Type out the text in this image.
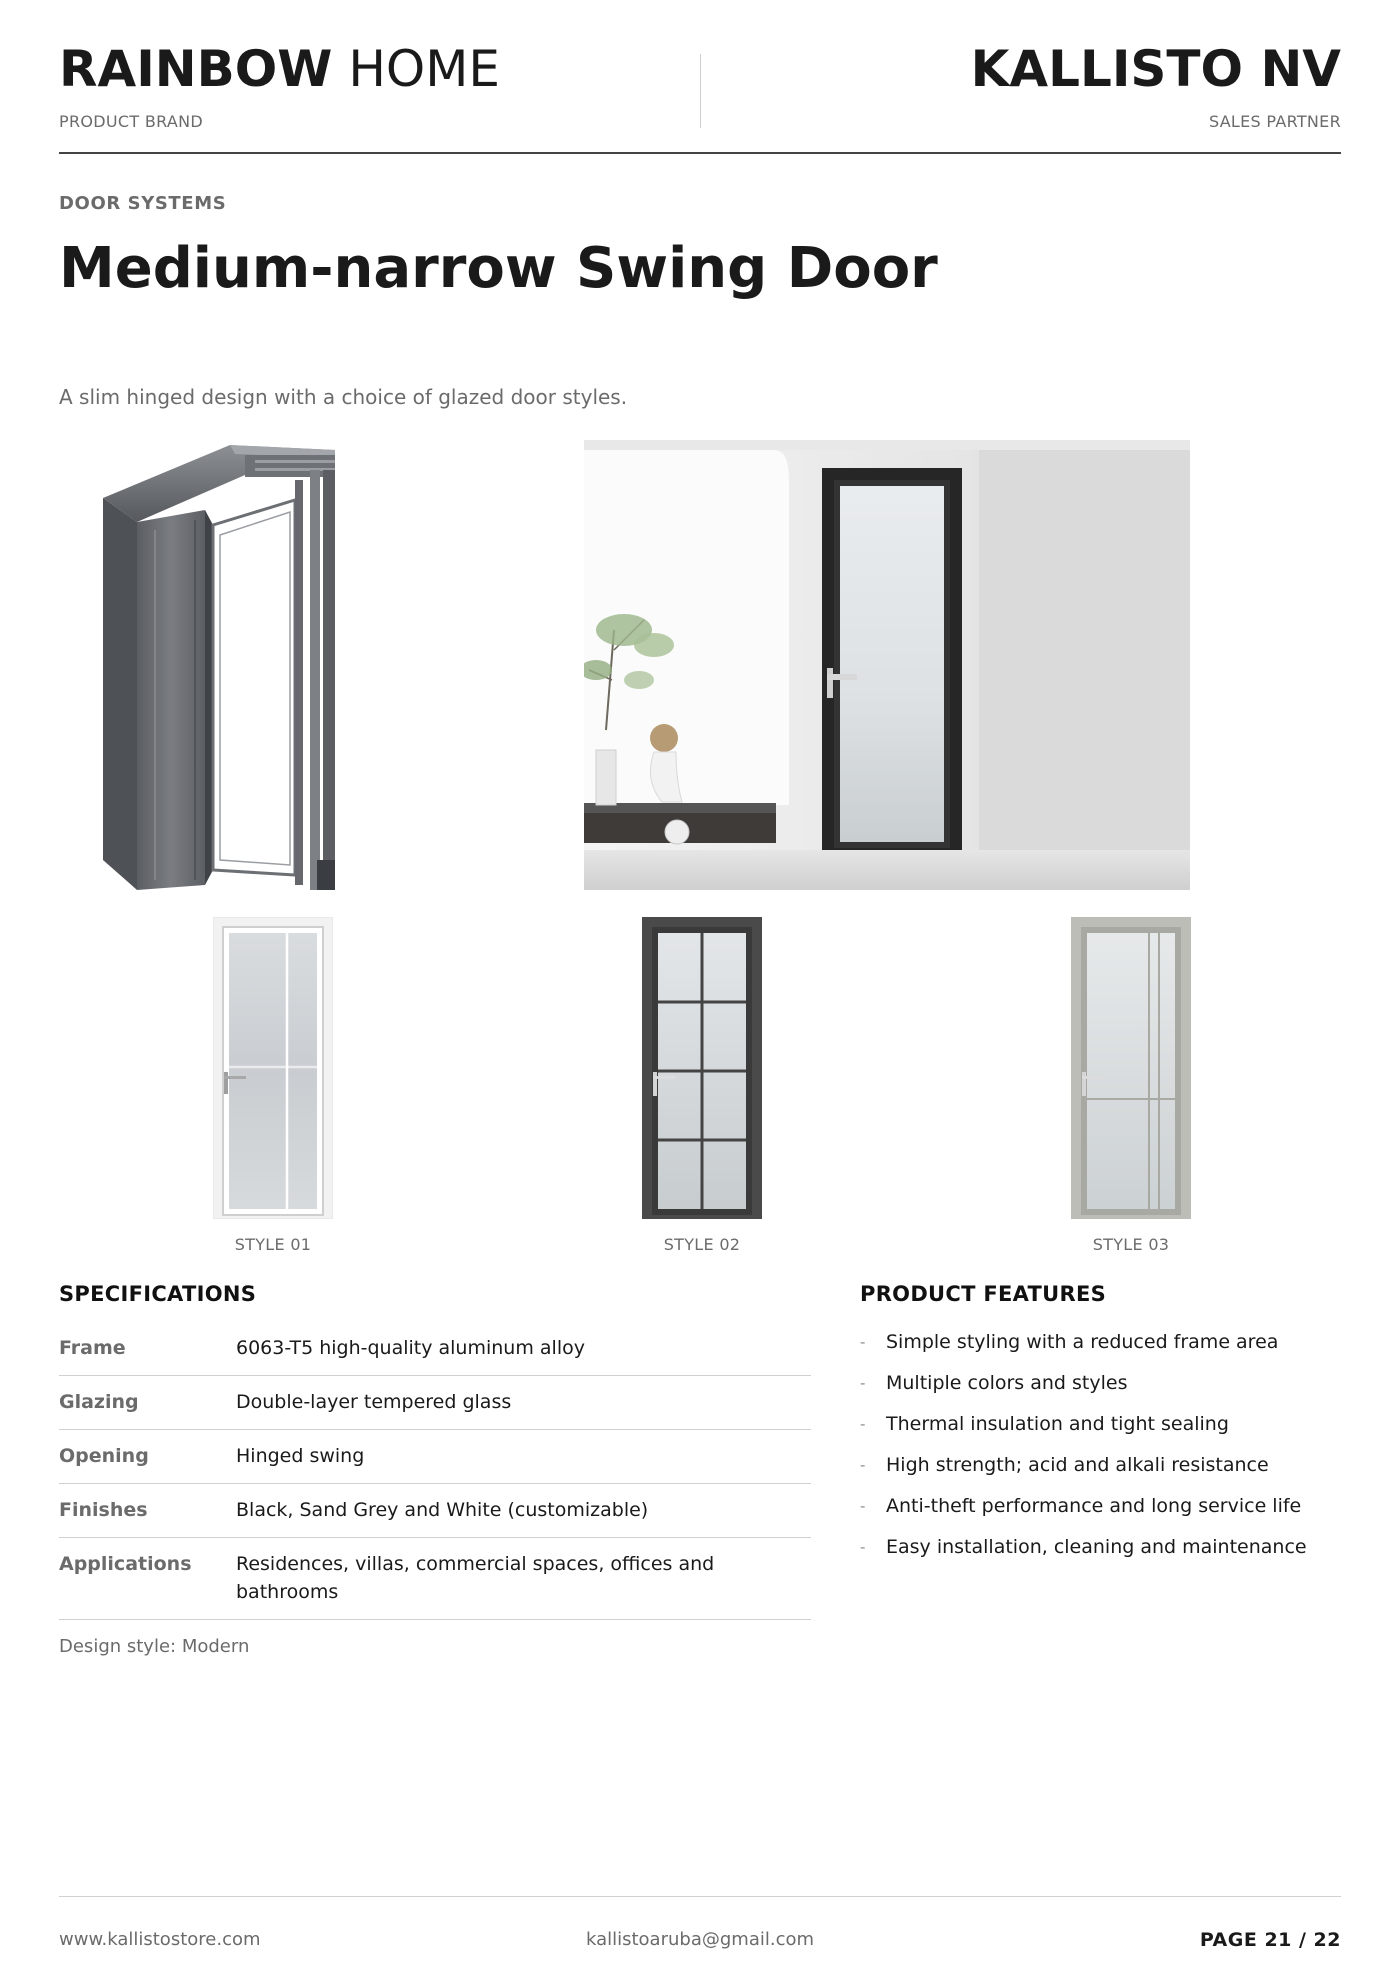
RAINBOW HOME
PRODUCT BRAND
KALLISTO NV
SALES PARTNER
DOOR SYSTEMS
Medium-narrow Swing Door
A slim hinged design with a choice of glazed door styles.
STYLE 01	STYLE 02	STYLE 03
SPECIFICATIONS
Frame	6063-T5 high-quality aluminum alloy
Glazing	Double-layer tempered glass
Opening	Hinged swing
Finishes	Black, Sand Grey and White (customizable)
Applications	Residences, villas, commercial spaces, offices and bathrooms
Design style: Modern
PRODUCT FEATURES
-	Simple styling with a reduced frame area
-	Multiple colors and styles
-	Thermal insulation and tight sealing
-	High strength; acid and alkali resistance
-	Anti-theft performance and long service life
-	Easy installation, cleaning and maintenance
www.kallistostore.com	kallistoaruba@gmail.com	PAGE 21 / 22
